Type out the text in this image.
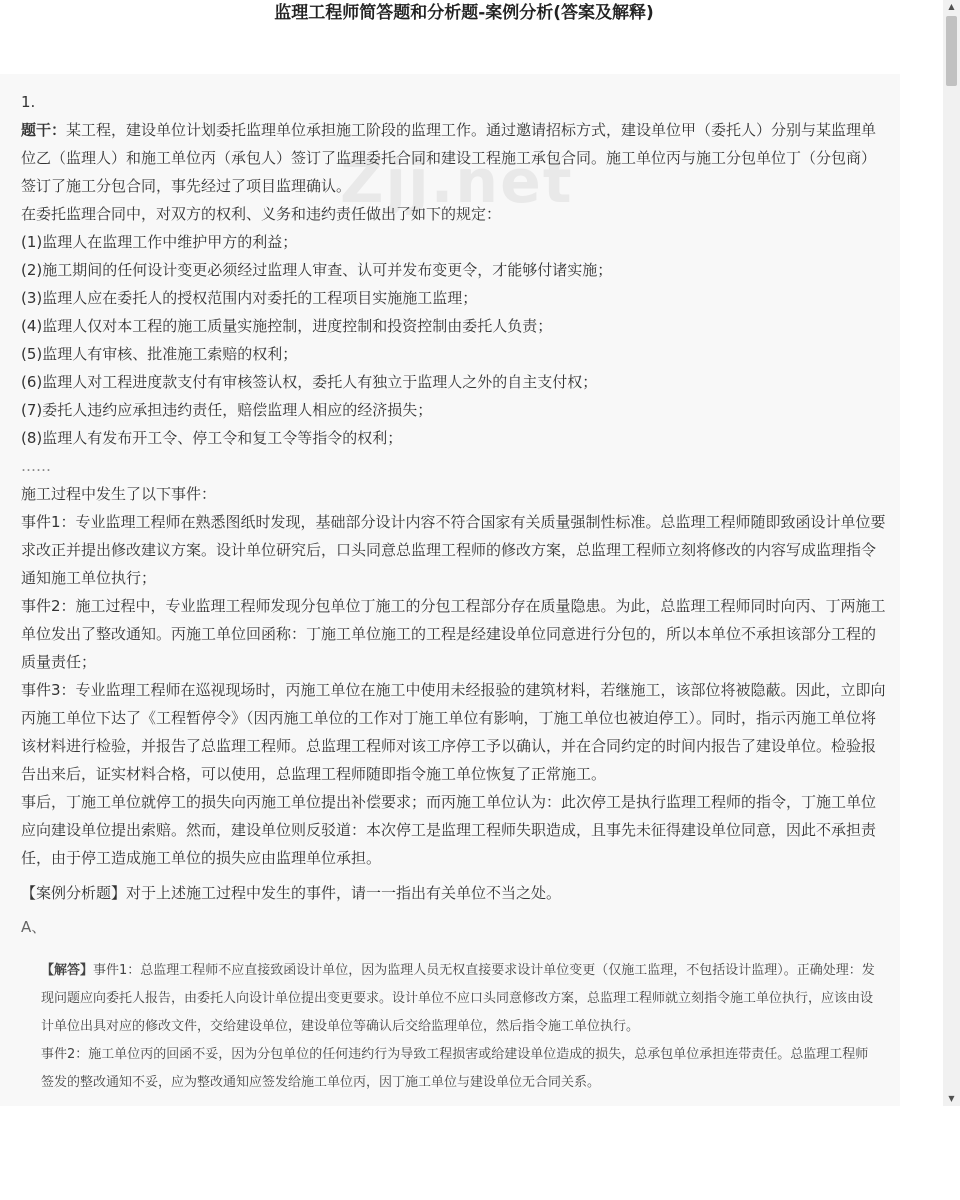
监理工程师简答题和分析题-案例分析(答案及解释)
Zjj.net

1.

题干：某工程，建设单位计划委托监理单位承担施工阶段的监理工作。通过邀请招标方式，建设单位甲（委托人）分别与某监理单位乙（监理人）和施工单位丙（承包人）签订了监理委托合同和建设工程施工承包合同。施工单位丙与施工分包单位丁（分包商）签订了施工分包合同，事先经过了项目监理确认。

在委托监理合同中，对双方的权利、义务和违约责任做出了如下的规定：

(1)监理人在监理工作中维护甲方的利益；

(2)施工期间的任何设计变更必须经过监理人审查、认可并发布变更令，才能够付诸实施；

(3)监理人应在委托人的授权范围内对委托的工程项目实施施工监理；

(4)监理人仅对本工程的施工质量实施控制，进度控制和投资控制由委托人负责；

(5)监理人有审核、批准施工索赔的权利；

(6)监理人对工程进度款支付有审核签认权，委托人有独立于监理人之外的自主支付权；

(7)委托人违约应承担违约责任，赔偿监理人相应的经济损失；

(8)监理人有发布开工令、停工令和复工令等指令的权利；

……

施工过程中发生了以下事件：

事件1：专业监理工程师在熟悉图纸时发现，基础部分设计内容不符合国家有关质量强制性标准。总监理工程师随即致函设计单位要求改正并提出修改建议方案。设计单位研究后，口头同意总监理工程师的修改方案，总监理工程师立刻将修改的内容写成监理指令通知施工单位执行；

事件2：施工过程中，专业监理工程师发现分包单位丁施工的分包工程部分存在质量隐患。为此，总监理工程师同时向丙、丁两施工单位发出了整改通知。丙施工单位回函称：丁施工单位施工的工程是经建设单位同意进行分包的，所以本单位不承担该部分工程的质量责任；

事件3：专业监理工程师在巡视现场时，丙施工单位在施工中使用未经报验的建筑材料，若继施工，该部位将被隐蔽。因此，立即向丙施工单位下达了《工程暂停令》（因丙施工单位的工作对丁施工单位有影响，丁施工单位也被迫停工）。同时，指示丙施工单位将该材料进行检验，并报告了总监理工程师。总监理工程师对该工序停工予以确认，并在合同约定的时间内报告了建设单位。检验报告出来后，证实材料合格，可以使用，总监理工程师随即指令施工单位恢复了正常施工。

事后，丁施工单位就停工的损失向丙施工单位提出补偿要求；而丙施工单位认为：此次停工是执行监理工程师的指令，丁施工单位应向建设单位提出索赔。然而，建设单位则反驳道：本次停工是监理工程师失职造成，且事先未征得建设单位同意，因此不承担责任，由于停工造成施工单位的损失应由监理单位承担。

【案例分析题】对于上述施工过程中发生的事件，请一一指出有关单位不当之处。

A、

【解答】事件1：总监理工程师不应直接致函设计单位，因为监理人员无权直接要求设计单位变更（仅施工监理，不包括设计监理）。正确处理：发现问题应向委托人报告，由委托人向设计单位提出变更要求。设计单位不应口头同意修改方案，总监理工程师就立刻指令施工单位执行，应该由设计单位出具对应的修改文件，交给建设单位，建设单位等确认后交给监理单位，然后指令施工单位执行。

事件2：施工单位丙的回函不妥，因为分包单位的任何违约行为导致工程损害或给建设单位造成的损失，总承包单位承担连带责任。总监理工程师签发的整改通知不妥，应为整改通知应签发给施工单位丙，因丁施工单位与建设单位无合同关系。

▲
▼
